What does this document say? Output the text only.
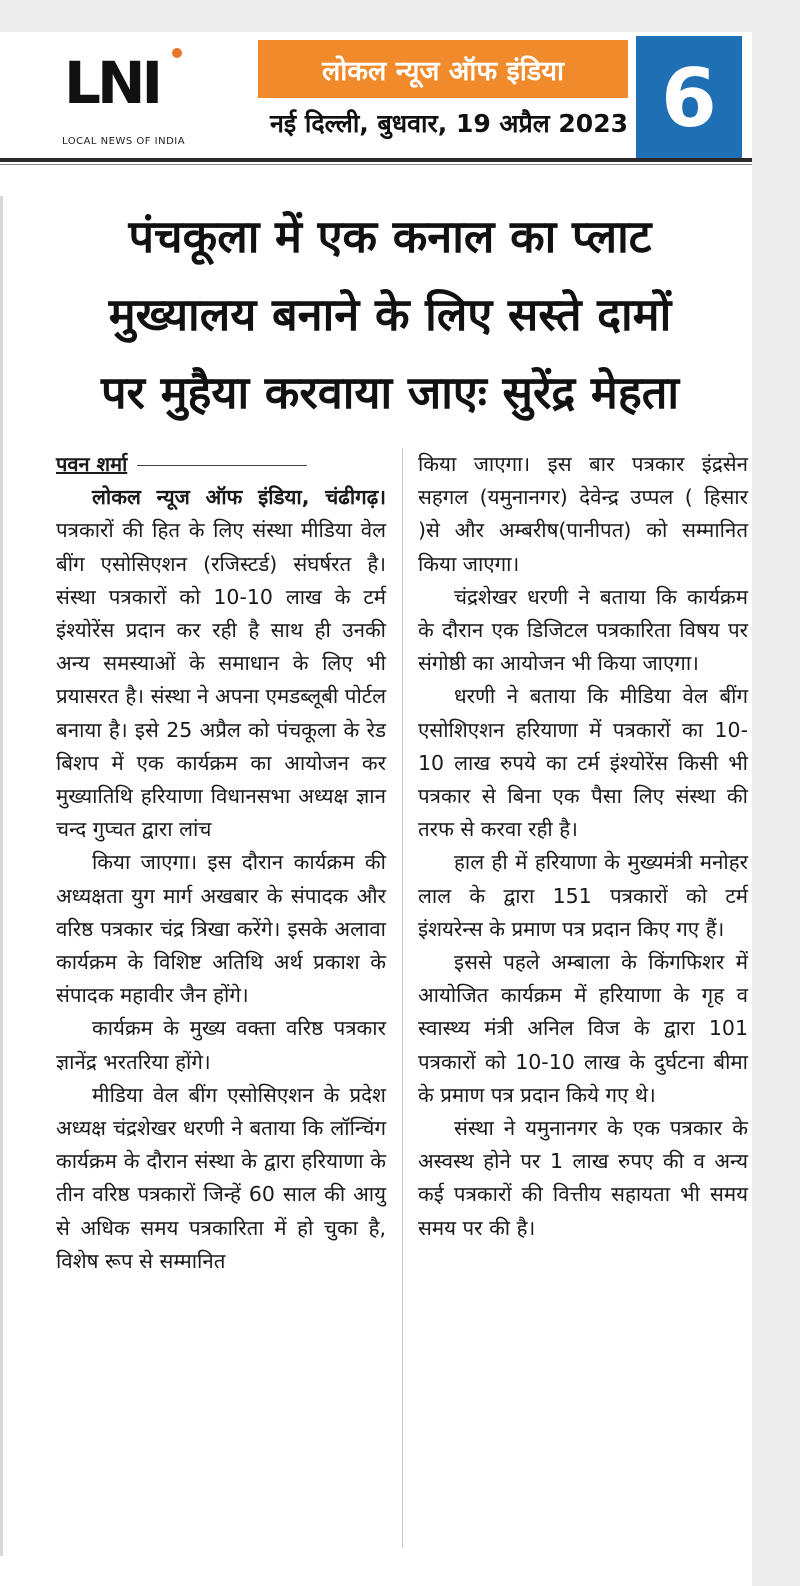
LNI
LOCAL NEWS OF INDIA
लोकल न्यूज ऑफ इंडिया
नई दिल्ली, बुधवार, 19 अप्रैल 2023 6
पंचकूला में एक कनाल का प्लाट
मुख्यालय बनाने के लिए सस्ते दामों
पर मुहैया करवाया जाएः सुरेंद्र मेहता

पवन शर्मा

लोकल न्यूज ऑफ इंडिया, चंढीगढ़। पत्रकारों की हित के लिए संस्था मीडिया वेल बींग एसोसिएशन (रजिस्टर्ड) संघर्षरत है। संस्था पत्रकारों को 10-10 लाख के टर्म इंश्योरेंस प्रदान कर रही है साथ ही उनकी अन्य समस्याओं के समाधान के लिए भी प्रयासरत है। संस्था ने अपना एमडब्लूबी पोर्टल बनाया है। इसे 25 अप्रैल को पंचकूला के रेड बिशप में एक कार्यक्रम का आयोजन कर मुख्यातिथि हरियाणा विधानसभा अध्यक्ष ज्ञान चन्द गुप्चत द्वारा लांच

किया जाएगा। इस दौरान कार्यक्रम की अध्यक्षता युग मार्ग अखबार के संपादक और वरिष्ठ पत्रकार चंद्र त्रिखा करेंगे। इसके अलावा कार्यक्रम के विशिष्ट अतिथि अर्थ प्रकाश के संपादक महावीर जैन होंगे।

कार्यक्रम के मुख्य वक्ता वरिष्ठ पत्रकार ज्ञानेंद्र भरतरिया होंगे।

मीडिया वेल बींग एसोसिएशन के प्रदेश अध्यक्ष चंद्रशेखर धरणी ने बताया कि लॉन्चिंग कार्यक्रम के दौरान संस्था के द्वारा हरियाणा के तीन वरिष्ठ पत्रकारों जिन्हें 60 साल की आयु से अधिक समय पत्रकारिता में हो चुका है, विशेष रूप से सम्मानित

किया जाएगा। इस बार पत्रकार इंद्रसेन सहगल (यमुनानगर) देवेन्द्र उप्पल ( हिसार )से और अम्बरीष(पानीपत) को सम्मानित किया जाएगा।

चंद्रशेखर धरणी ने बताया कि कार्यक्रम के दौरान एक डिजिटल पत्रकारिता विषय पर संगोष्ठी का आयोजन भी किया जाएगा।

धरणी ने बताया कि मीडिया वेल बींग एसोशिएशन हरियाणा में पत्रकारों का 10-10 लाख रुपये का टर्म इंश्योरेंस किसी भी पत्रकार से बिना एक पैसा लिए संस्था की तरफ से करवा रही है।

हाल ही में हरियाणा के मुख्यमंत्री मनोहर लाल के द्वारा 151 पत्रकारों को टर्म इंशयरेन्स के प्रमाण पत्र प्रदान किए गए हैं।

इससे पहले अम्बाला के किंगफिशर में आयोजित कार्यक्रम में हरियाणा के गृह व स्वास्थ्य मंत्री अनिल विज के द्वारा 101 पत्रकारों को 10-10 लाख के दुर्घटना बीमा के प्रमाण पत्र प्रदान किये गए थे।

संस्था ने यमुनानगर के एक पत्रकार के अस्वस्थ होने पर 1 लाख रुपए की व अन्य कई पत्रकारों की वित्तीय सहायता भी समय समय पर की है।
